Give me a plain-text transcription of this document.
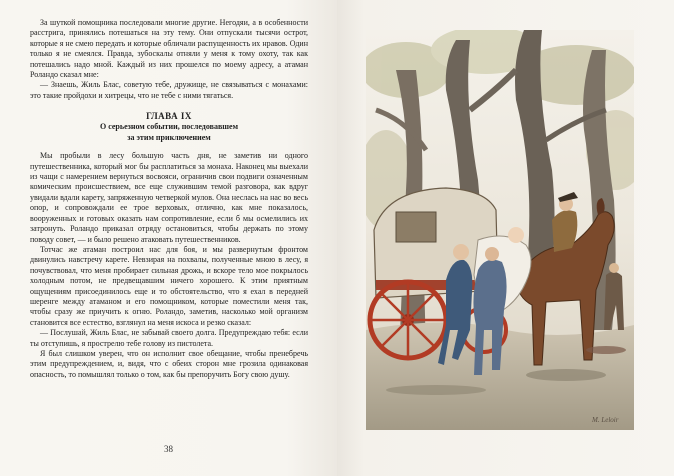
За шуткой помощника последовали многие другие. Негодяи, а в особенности расстрига, принялись потешаться на эту тему. Они отпускали тысячи острот, которые я не смею передать и которые обличали распущенность их нравов. Один только я не смеялся. Правда, зубоскалы отняли у меня к тому охоту, так как потешались надо мной. Каждый из них прошелся по моему адресу, а атаман Роландо сказал мне:

— Знаешь, Жиль Блас, советую тебе, дружище, не связываться с монахами: это такие пройдохи и хитрецы, что не тебе с ними тягаться.

ГЛАВА IX
О серьезном событии, последовавшем
за этим приключением

Мы пробыли в лесу большую часть дня, не заметив ни одного путешественника, который мог бы расплатиться за монаха. Наконец мы выехали из чащи с намерением вернуться восвояси, ограничив свои подвиги означенным комическим происшествием, все еще служившим темой разговора, как вдруг увидали вдали карету, запряженную четверкой мулов. Она неслась на нас во весь опор, и сопровождали ее трое верховых, отлично, как мне показалось, вооруженных и готовых оказать нам сопротивление, если б мы осмелились их затронуть. Роландо приказал отряду остановиться, чтобы держать по этому поводу совет, — и было решено атаковать путешественников.

Тотчас же атаман построил нас для боя, и мы развернутым фронтом двинулись навстречу карете. Невзирая на похвалы, полученные мною в лесу, я почувствовал, что меня пробирает сильная дрожь, и вскоре тело мое покрылось холодным потом, не предвещавшим ничего хорошего. К этим приятным ощущениям присоединилось еще и то обстоятельство, что я ехал в передней шеренге между атаманом и его помощником, которые поместили меня так, чтобы сразу же приучить к огню. Роландо, заметив, насколько мой организм становится все естество, взглянул на меня искоса и резко сказал:

— Послушай, Жиль Блас, не забывай своего долга. Предупреждаю тебя: если ты отступишь, я прострелю тебе голову из пистолета.

Я был слишком уверен, что он исполнит свое обещание, чтобы пренебречь этим предупреждением, и, видя, что с обеих сторон мне грозила одинаковая опасность, то помышлял только о том, как бы препоручить Богу свою душу.

38
M. Leloir
